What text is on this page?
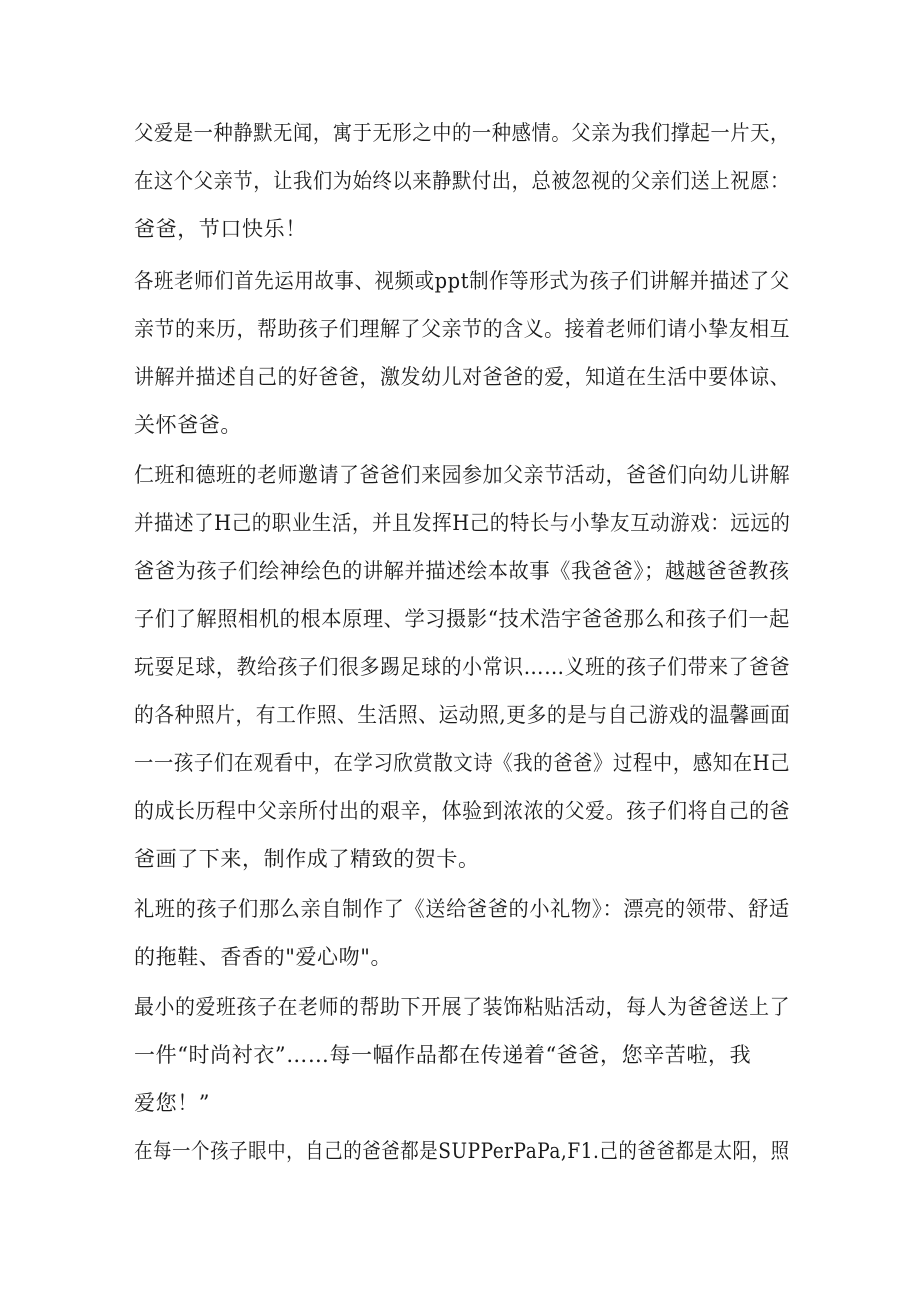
父爱是一种静默无闻，寓于无形之中的一种感情。父亲为我们撑起一片天，
在这个父亲节，让我们为始终以来静默付出，总被忽视的父亲们送上祝愿：
爸爸，节口快乐！
各班老师们首先运用故事、视频或ppt制作等形式为孩子们讲解并描述了父
亲节的来历，帮助孩子们理解了父亲节的含义。接着老师们请小挚友相互
讲解并描述自己的好爸爸，激发幼儿对爸爸的爱，知道在生活中要体谅、
关怀爸爸。
仁班和德班的老师邀请了爸爸们来园参加父亲节活动，爸爸们向幼儿讲解
并描述了H己的职业生活，并且发挥H己的特长与小挚友互动游戏：远远的
爸爸为孩子们绘神绘色的讲解并描述绘本故事《我爸爸》；越越爸爸教孩
子们了解照相机的根本原理、学习摄影“技术浩宇爸爸那么和孩子们一起
玩耍足球，教给孩子们很多踢足球的小常识……义班的孩子们带来了爸爸
的各种照片，有工作照、生活照、运动照,更多的是与自己游戏的温馨画面
一一孩子们在观看中，在学习欣赏散文诗《我的爸爸》过程中，感知在H己
的成长历程中父亲所付出的艰辛，体验到浓浓的父爱。孩子们将自己的爸
爸画了下来，制作成了精致的贺卡。
礼班的孩子们那么亲自制作了《送给爸爸的小礼物》：漂亮的领带、舒适
的拖鞋、香香的"爱心吻"。
最小的爱班孩子在老师的帮助下开展了装饰粘贴活动，每人为爸爸送上了
一件“时尚衬衣”……每一幅作品都在传递着“爸爸，您辛苦啦，我
爱您！”
在每一个孩子眼中，自己的爸爸都是SUPPerPaPa,F1.己的爸爸都是太阳，照
